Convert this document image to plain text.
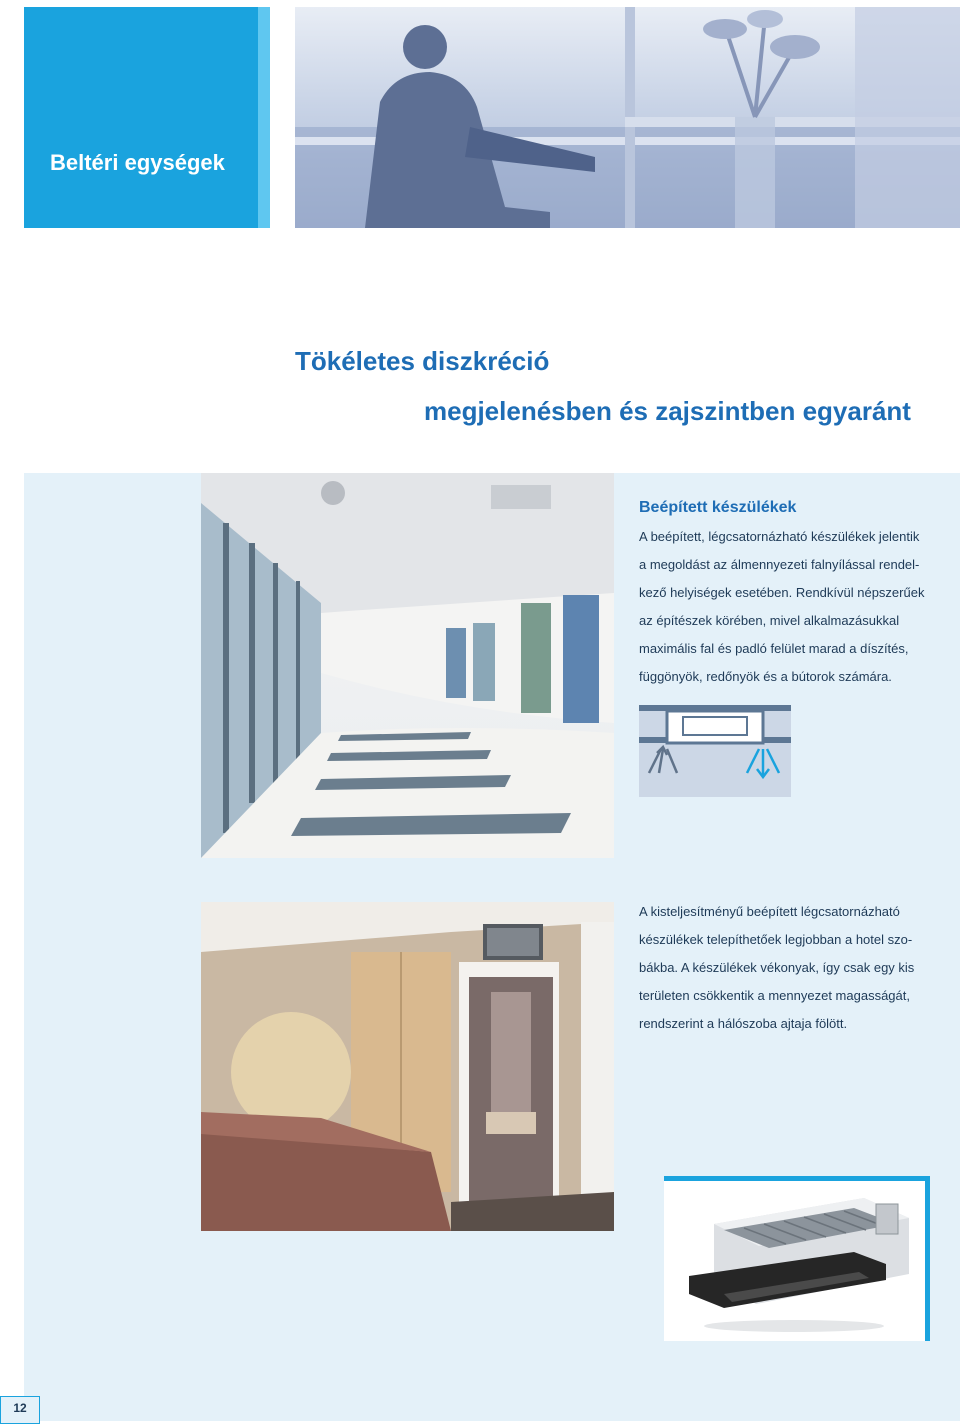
Beltéri egységek
Tökéletes diszkréció
megjelenésben és zajszintben egyaránt
Beépített készülékek
A beépített, légcsatornázható készülékek jelentik
a megoldást az álmennyezeti falnyílással rendel-
kező helyiségek esetében. Rendkívül népszerűek
az építészek körében, mivel alkalmazásukkal
maximális fal és padló felület marad a díszítés,
függönyök, redőnyök és a bútorok számára.
A kisteljesítményű beépített légcsatornázható
készülékek telepíthetőek legjobban a hotel szo-
bákba. A készülékek vékonyak, így csak egy kis
területen csökkentik a mennyezet magasságát,
rendszerint a hálószoba ajtaja fölött.
12
